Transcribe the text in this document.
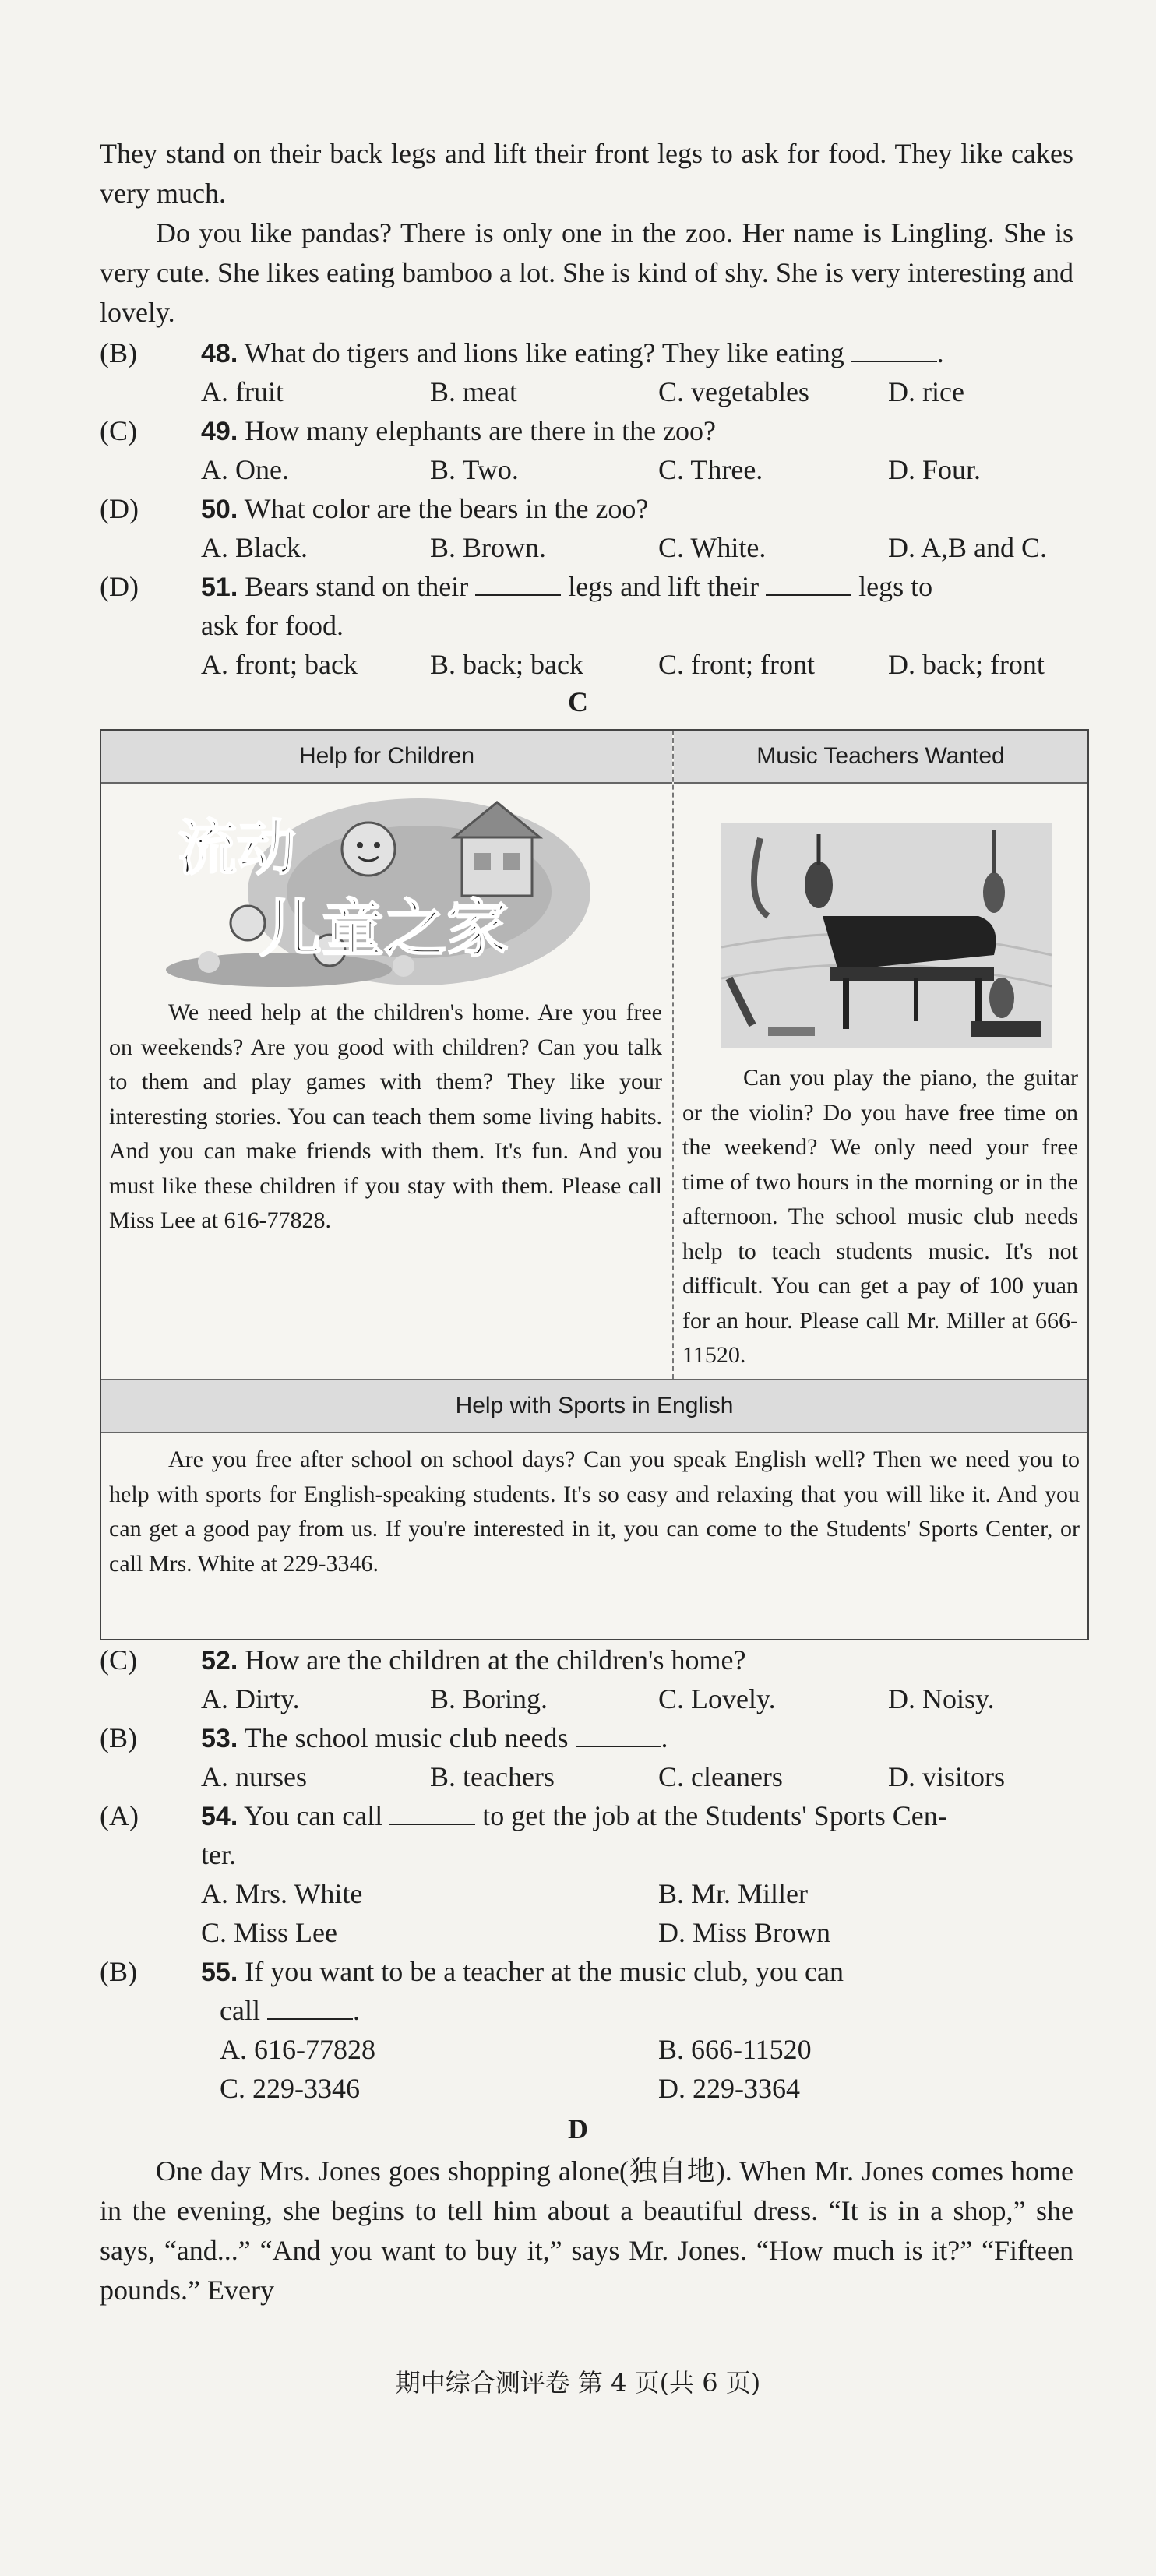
They stand on their back legs and lift their front legs to ask for food. They like cakes very much.

Do you like pandas? There is only one in the zoo. Her name is Lingling. She is very cute. She likes eating bamboo a lot. She is kind of shy. She is very interesting and lovely.

(B) 48. What do tigers and lions like eating? They like eating	.
A. fruit	B. meat	C. vegetables	D. rice
(C) 49. How many elephants are there in the zoo?
A. One.	B. Two.	C. Three.	D. Four.
(D) 50. What color are the bears in the zoo?
A. Black.	B. Brown.	C. White.	D. A,B and C.
(D) 51. Bears stand on their	legs and lift their	legs to
ask for food.
A. front; back	B. back; back	C. front; front	D. back; front
C
Help for Children	Music Teachers Wanted
流动
儿童之家
We need help at the children's home. Are you free on weekends? Are you good with children? Can you talk to them and play games with them? They like your interesting stories. You can teach them some living habits. And you can make friends with them. It's fun. And you must like these children if you stay with them. Please call Miss Lee at 616-77828.
Can you play the piano, the guitar or the violin? Do you have free time on the weekend? We only need your free time of two hours in the morning or in the afternoon. The school music club needs help to teach students music. It's not difficult. You can get a pay of 100 yuan for an hour. Please call Mr. Miller at 666-11520.
Help with Sports in English
Are you free after school on school days? Can you speak English well? Then we need you to help with sports for English-speaking students. It's so easy and relaxing that you will like it. And you can get a good pay from us. If you're interested in it, you can come to the Students' Sports Center, or call Mrs. White at 229-3346.
(C) 52. How are the children at the children's home?
A. Dirty.	B. Boring.	C. Lovely.	D. Noisy.
(B) 53. The school music club needs	.
A. nurses	B. teachers	C. cleaners	D. visitors
(A) 54. You can call	to get the job at the Students' Sports Cen-
ter.
A. Mrs. White	B. Mr. Miller
C. Miss Lee	D. Miss Brown
(B) 55. If you want to be a teacher at the music club, you can
call	.
A. 616-77828	B. 666-11520
C. 229-3346	D. 229-3364
D

One day Mrs. Jones goes shopping alone(独自地). When Mr. Jones comes home in the evening, she begins to tell him about a beautiful dress. “It is in a shop,” she says, “and...” “And you want to buy it,” says Mr. Jones. “How much is it?” “Fifteen pounds.” Every

期中综合测评卷 第 4 页(共 6 页)
